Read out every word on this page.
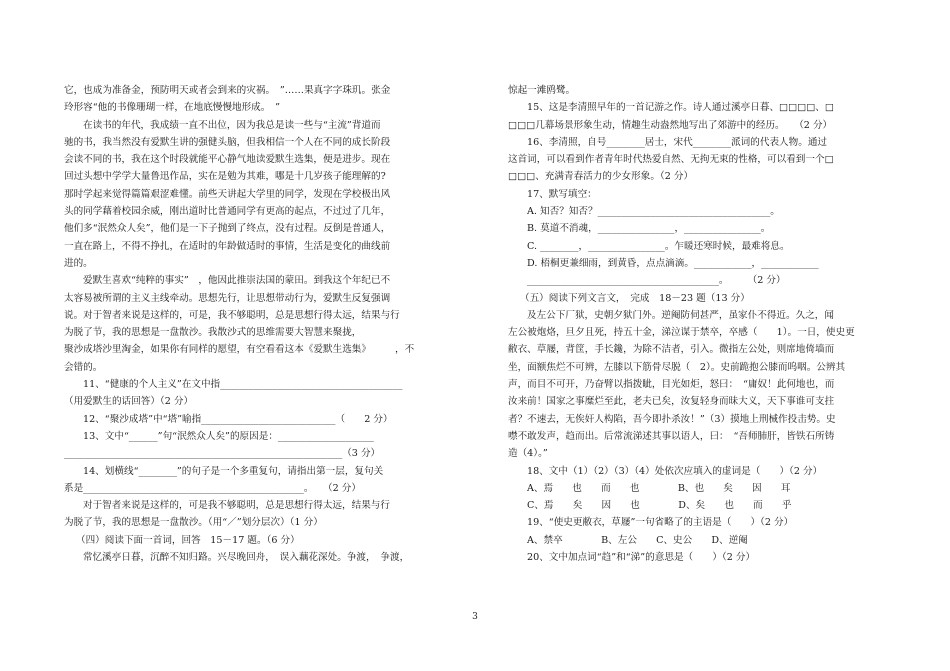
它，也成为准备金，预防明天或者会到来的灾祸。　”……果真字字珠玑。张金
玲形容“他的书像珊瑚一样，在地底慢慢地形成。　”
在读书的年代，我成绩一直不出位，因为我总是读一些与“主流”背道而
驰的书，我当然没有爱默生讲的强健头脑，但我相信一个人在不同的成长阶段
会读不同的书，我在这个时段就能平心静气地读爱默生选集，便是进步。现在
回过头想中学学大量鲁迅作品，实在是勉为其难，哪是十几岁孩子能理解的?
那时学起来觉得篇篇艰涩难懂。前些天讲起大学里的同学，发现在学校极出风
头的同学藉着校园余威，刚出道时比普通同学有更高的起点，不过过了几年，
他们多“泯然众人矣”，他们是一下子抛到了终点，没有过程。反倒是普通人，
一直在路上，不得不挣扎，在适时的年龄做适时的事情，生活是变化的曲线前
进的。
爱默生喜欢“纯粹的事实”　，他因此推崇法国的蒙田。到我这个年纪已不
太容易被所谓的主义主线牵动。思想先行，让思想带动行为，爱默生反复强调
说。对于智者来说是这样的，可是，我不够聪明，总是思想行得太远，结果与行
为脱了节，我的思想是一盘散沙。我散沙式的思维需要大智慧来聚拢，
聚沙成塔沙里淘金，如果你有同样的愿望，有空看看这本《爱默生选集》　　　，不
会错的。
11、“健康的个人主义”在文中指______________________________________
（用爱默生的话回答）（2 分）
12、“聚沙成塔”中“塔”喻指____________________________（　　2 分）
13、文中“______”句“泯然众人矣”的原因是：____________________
__________________________________________________________（3 分）
14、划横线“________”的句子是一个多重复句，请指出第一层，复句关
系是______________________________________________。　　（2 分）
对于智者来说是这样的，可是我不够聪明，总是思想行得太远，结果与行
为脱了节，我的思想是一盘散沙。（用“／”划分层次）（1 分）
（四）阅读下面一首词，回答　15－17 题。（6 分）
常忆溪亭日暮，沉醉不知归路。兴尽晚回舟，　误入藕花深处。争渡，　争渡，
惊起一滩鸥鹭。
15、这是李清照早年的一首记游之作。诗人通过溪亭日暮、□□□□、□
□□□几幕场景形象生动，情趣生动盎然地写出了郊游中的经历。　　（2 分）
16、李清照，自号________居士，宋代________派词的代表人物。通过
这首词，可以看到作者青年时代热爱自然、无拘无束的性格，可以看到一个□
□□□、充满青春活力的少女形象。（2 分）
17、默写填空：
A. 知否？知否？____________________________________。
B. 莫道不消魂，________________，________________。
C. ________，________________。乍暖还寒时候，最难将息。
D. 梧桐更兼细雨，到黄昏，点点滴滴。____________，____________
________________________________________。　　　（2 分）
（五）阅读下列文言文，　完成　18－23 题（13 分）
及左公下厂狱，史朝夕狱门外。逆阉防伺甚严，虽家仆不得近。久之，闻
左公被炮烙，旦夕且死，持五十金，涕泣谋于禁卒，卒感（　　1）。一日，使史更
敝衣、草屦，背筐，手长鑱，为除不洁者，引入。微指左公处，则席地倚墙而
坐，面额焦烂不可辨，左膝以下筋骨尽脱（　2）。史前跪抱公膝而呜咽。公辨其
声，而目不可开，乃奋臂以指拨眦，目光如炬，怒曰：　“庸奴！此何地也，而
汝来前！国家之事糜烂至此，老夫已矣，汝复轻身而昧大义，天下事谁可支拄
者？不速去，无俟奸人构陷，吾今即扑杀汝！”（3）摸地上刑械作投击势。史
噤不敢发声，趋而出。后常流涕述其事以语人，曰：　“吾师肺肝，皆铁石所铸
造（4）。”
18、文中（1）（2）（3）（4）处依次应填入的虚词是（　　）（2 分）
A、焉　　也　　而　　也　　　　B、也　　矣　　因　　耳
C、焉　　矣　　因　　也　　　　D、矣　　也　　而　　乎
19、“使史更敝衣，草屦”一句省略了的主语是（　　）（2 分）
A、禁卒　　　　B、左公　　C、史公　　D、逆阉
20、文中加点词“趋”和“涕”的意思是（　　）（2 分）
3
